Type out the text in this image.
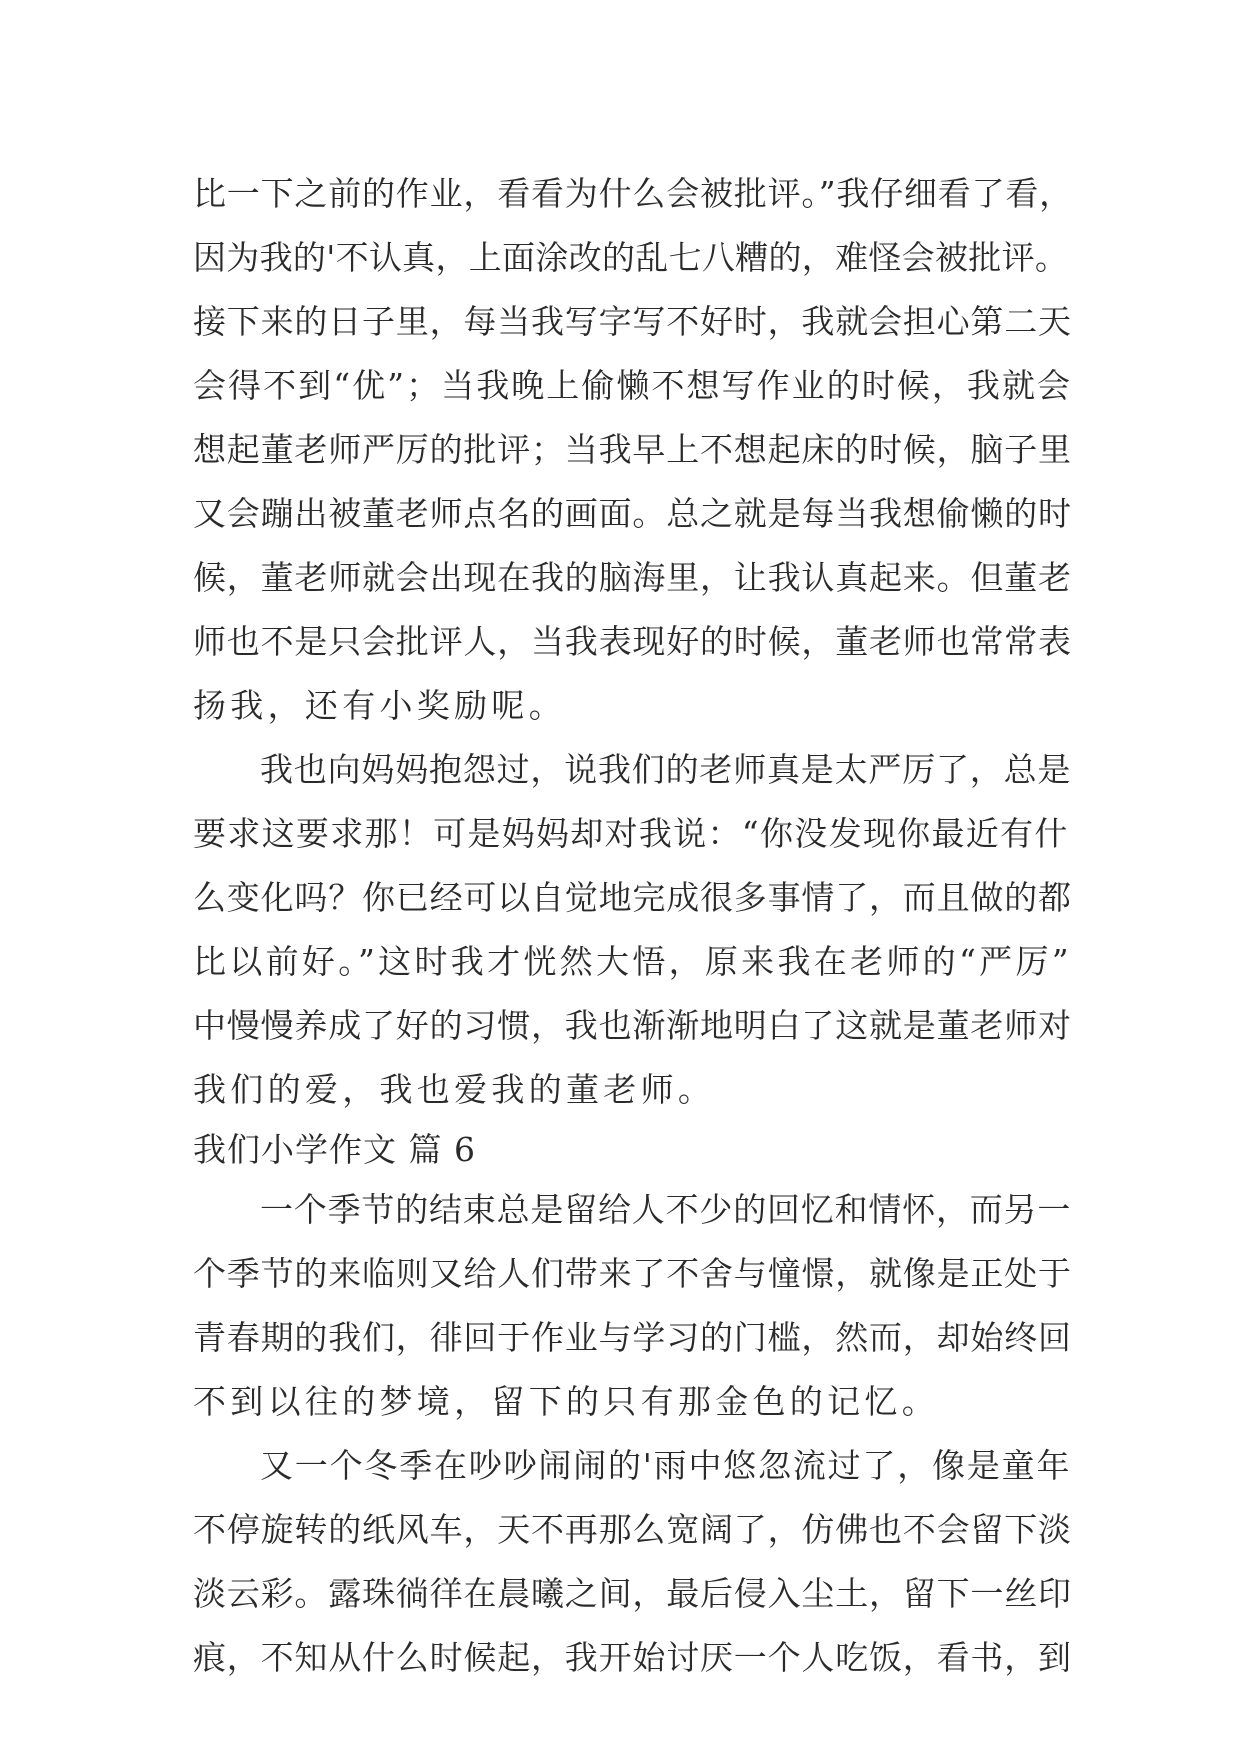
比一下之前的作业，看看为什么会被批评。”我仔细看了看，
因为我的'不认真，上面涂改的乱七八糟的，难怪会被批评。
接下来的日子里，每当我写字写不好时，我就会担心第二天
会得不到“优”；当我晚上偷懒不想写作业的时候，我就会
想起董老师严厉的批评；当我早上不想起床的时候，脑子里
又会蹦出被董老师点名的画面。总之就是每当我想偷懒的时
候，董老师就会出现在我的脑海里，让我认真起来。但董老
师也不是只会批评人，当我表现好的时候，董老师也常常表
扬我，还有小奖励呢。
我也向妈妈抱怨过，说我们的老师真是太严厉了，总是
要求这要求那！可是妈妈却对我说：“你没发现你最近有什
么变化吗？你已经可以自觉地完成很多事情了，而且做的都
比以前好。”这时我才恍然大悟，原来我在老师的“严厉”
中慢慢养成了好的习惯，我也渐渐地明白了这就是董老师对
我们的爱，我也爱我的董老师。
我们小学作文 篇 6
一个季节的结束总是留给人不少的回忆和情怀，而另一
个季节的来临则又给人们带来了不舍与憧憬，就像是正处于
青春期的我们，徘回于作业与学习的门槛，然而，却始终回
不到以往的梦境，留下的只有那金色的记忆。
又一个冬季在吵吵闹闹的'雨中悠忽流过了，像是童年
不停旋转的纸风车，天不再那么宽阔了，仿佛也不会留下淡
淡云彩。露珠徜徉在晨曦之间，最后侵入尘土，留下一丝印
痕，不知从什么时候起，我开始讨厌一个人吃饭，看书，到
